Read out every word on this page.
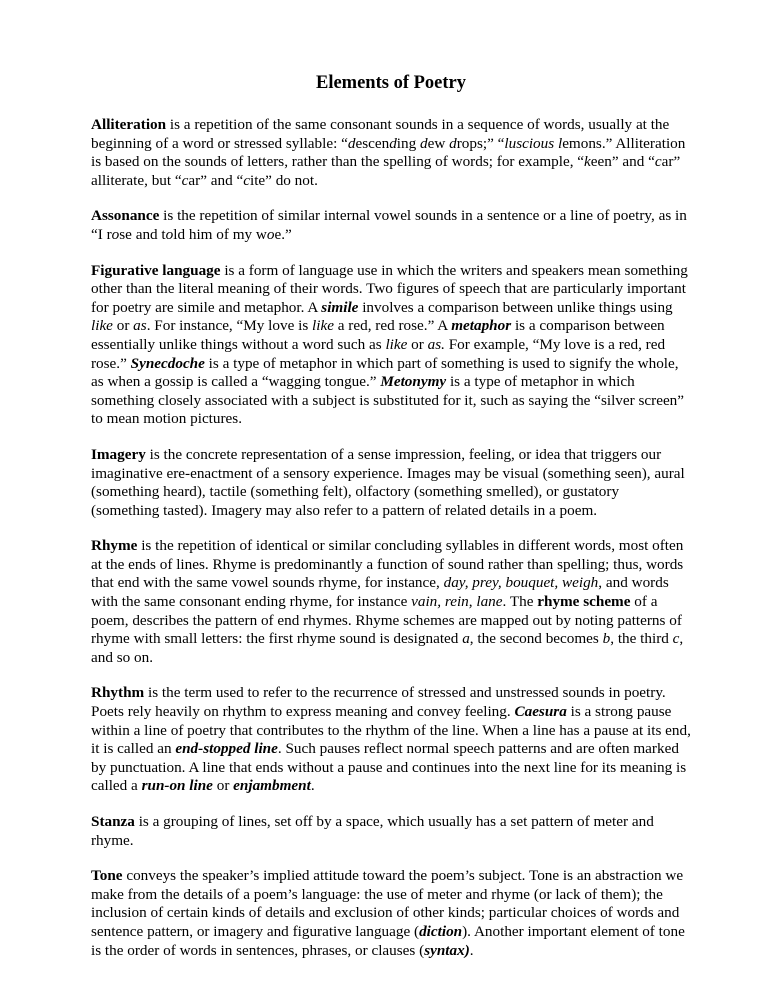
Elements of Poetry

Alliteration is a repetition of the same consonant sounds in a sequence of words, usually at the beginning of a word or stressed syllable: “descending dew drops;” “luscious lemons.” Alliteration is based on the sounds of letters, rather than the spelling of words; for example, “keen” and “car” alliterate, but “car” and “cite” do not.

Assonance is the repetition of similar internal vowel sounds in a sentence or a line of poetry, as in “I rose and told him of my woe.”

Figurative language is a form of language use in which the writers and speakers mean something other than the literal meaning of their words. Two figures of speech that are particularly important for poetry are simile and metaphor. A simile involves a comparison between unlike things using like or as. For instance, “My love is like a red, red rose.” A metaphor is a comparison between essentially unlike things without a word such as like or as. For example, “My love is a red, red rose.” Synecdoche is a type of metaphor in which part of something is used to signify the whole, as when a gossip is called a “wagging tongue.” Metonymy is a type of metaphor in which something closely associated with a subject is substituted for it, such as saying the “silver screen” to mean motion pictures.

Imagery is the concrete representation of a sense impression, feeling, or idea that triggers our imaginative ere-enactment of a sensory experience. Images may be visual (something seen), aural (something heard), tactile (something felt), olfactory (something smelled), or gustatory (something tasted). Imagery may also refer to a pattern of related details in a poem.

Rhyme is the repetition of identical or similar concluding syllables in different words, most often at the ends of lines. Rhyme is predominantly a function of sound rather than spelling; thus, words that end with the same vowel sounds rhyme, for instance, day, prey, bouquet, weigh, and words with the same consonant ending rhyme, for instance vain, rein, lane. The rhyme scheme of a poem, describes the pattern of end rhymes. Rhyme schemes are mapped out by noting patterns of rhyme with small letters: the first rhyme sound is designated a, the second becomes b, the third c, and so on.

Rhythm is the term used to refer to the recurrence of stressed and unstressed sounds in poetry. Poets rely heavily on rhythm to express meaning and convey feeling. Caesura is a strong pause within a line of poetry that contributes to the rhythm of the line. When a line has a pause at its end, it is called an end-stopped line. Such pauses reflect normal speech patterns and are often marked by punctuation. A line that ends without a pause and continues into the next line for its meaning is called a run-on line or enjambment.

Stanza is a grouping of lines, set off by a space, which usually has a set pattern of meter and rhyme.

Tone conveys the speaker’s implied attitude toward the poem’s subject. Tone is an abstraction we make from the details of a poem’s language: the use of meter and rhyme (or lack of them); the inclusion of certain kinds of details and exclusion of other kinds; particular choices of words and sentence pattern, or imagery and figurative language (diction). Another important element of tone is the order of words in sentences, phrases, or clauses (syntax).
